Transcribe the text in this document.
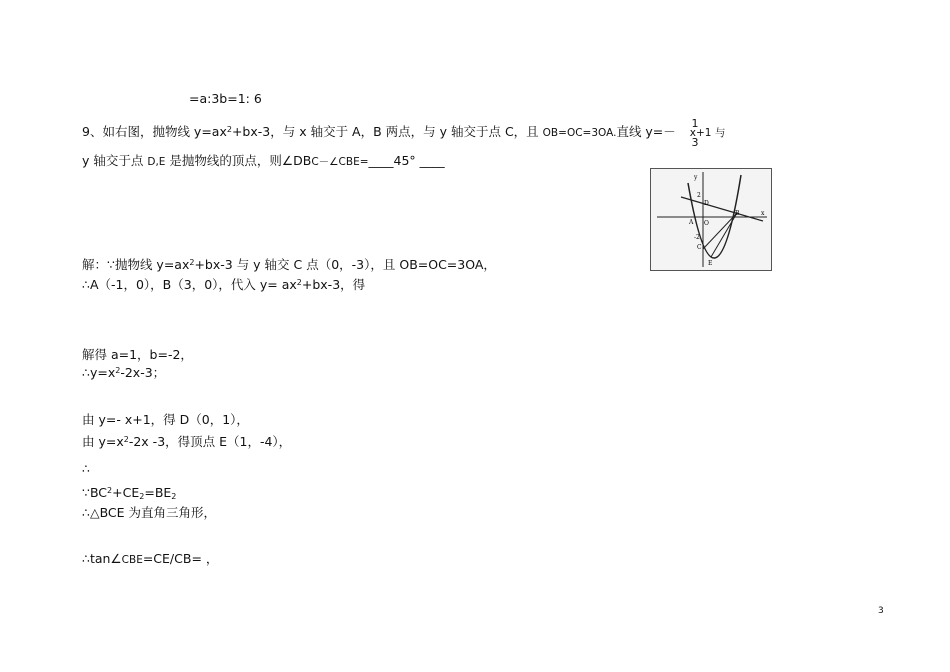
=a:3b=1: 6
9、如右图，抛物线 $y=ax^2+bx-3$，与 x 轴交于 A，B 两点，与 y 轴交于点 C，且 OB=OC=3OA.直线 y=－ x+1 与
1
3
y 轴交于点 D,E 是抛物线的顶点，则∠DBC－∠CBE=____45° ____
y
x
2
D
A O
B
-2
C
E
解：∵抛物线 $y=ax^2+bx-3$ 与 y 轴交 C 点（0，-3），且 OB=OC=3OA，
∴A（-1，0），B（3，0），代入 $y= ax^2+bx-3$，得
解得 a=1，b=-2，
$\therefore y=x^2-2x-3$；
由 y=- x+1，得 D（0，1），
由 $y=x^2-2x$ -3，得顶点 E（1，-4），
∴
$\because BC^2+CE2=BE2$
∴△BCE 为直角三角形，
∴tan∠CBE=CE/CB= ，
3
